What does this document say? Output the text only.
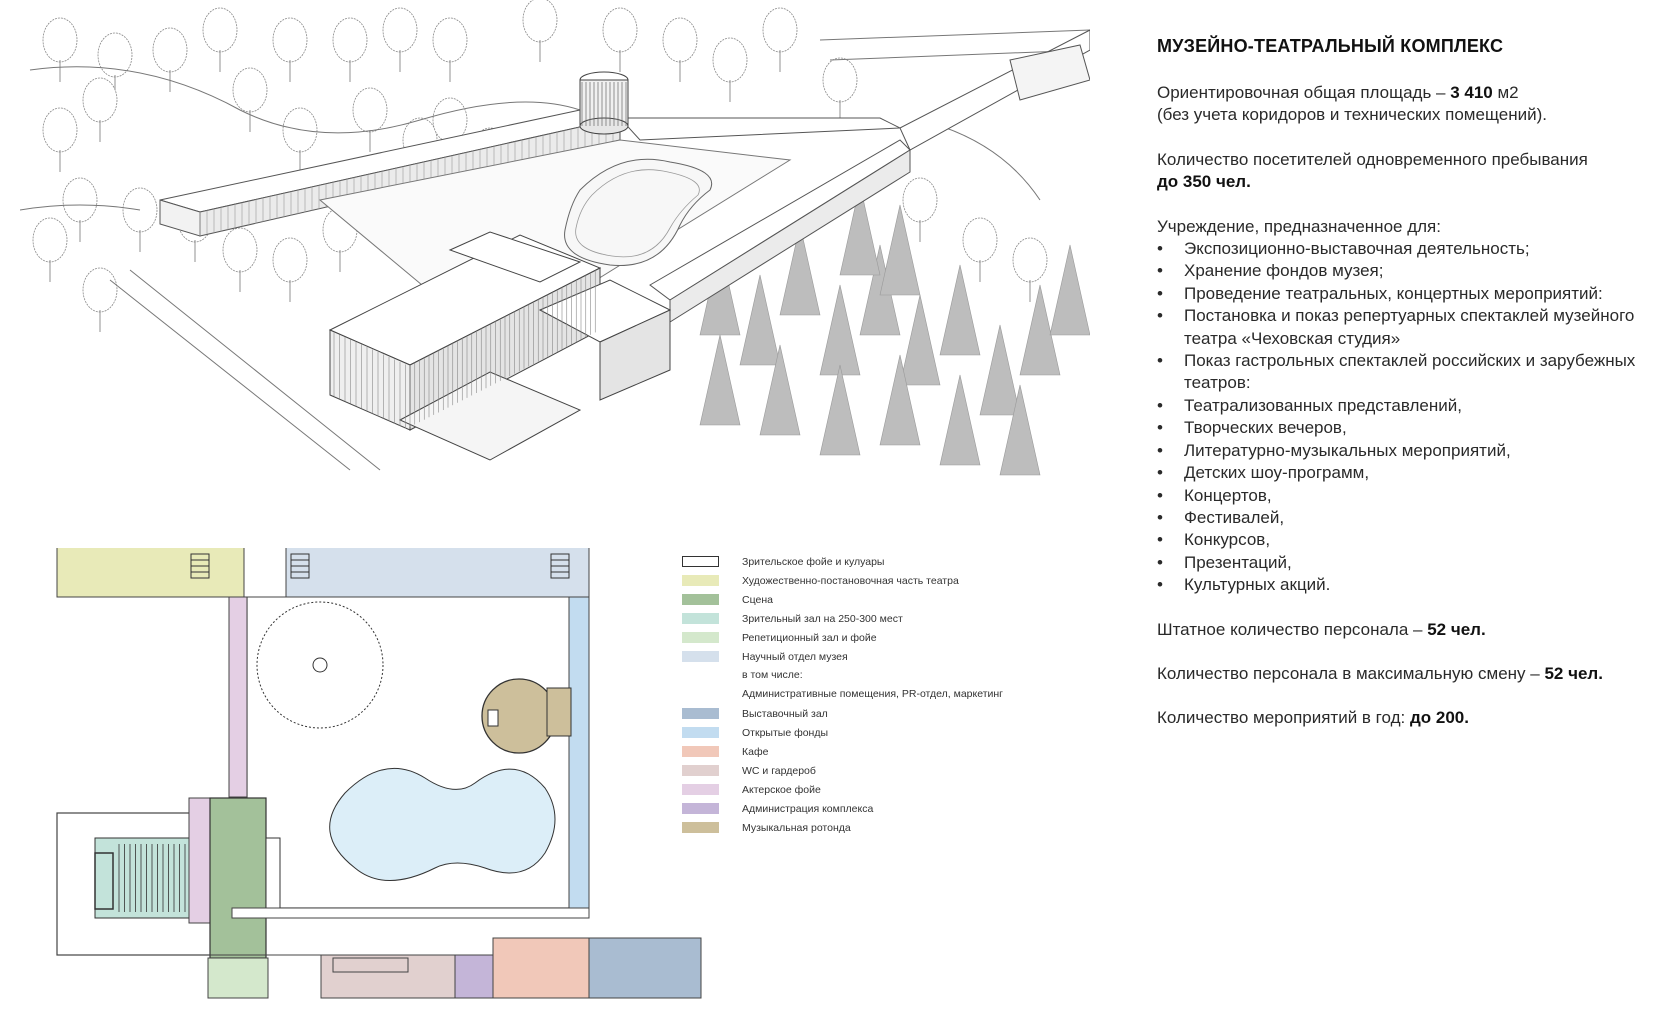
Зрительское фойе и кулуары
Художественно-постановочная часть театра
Сцена
Зрительный зал на 250-300 мест
Репетиционный зал и фойе
Научный отдел музея
в том числе:
Административные помещения, PR-отдел, маркетинг
Выставочный зал
Открытые фонды
Кафе
WC и гардероб
Актерское фойе
Администрация комплекса
Музыкальная ротонда
МУЗЕЙНО-ТЕАТРАЛЬНЫЙ КОМПЛЕКС
Ориентировочная общая площадь – 3 410 м2
(без учета коридоров и технических помещений).
Количество посетителей одновременного пребывания
до 350 чел.
Учреждение, предназначенное для:
• Экспозиционно-выставочная деятельность;
• Хранение фондов музея;
• Проведение театральных, концертных мероприятий:
• Постановка и показ репертуарных спектаклей музейного театра «Чеховская студия»
• Показ гастрольных спектаклей российских и зарубежных театров:
• Театрализованных представлений,
• Творческих вечеров,
• Литературно-музыкальных мероприятий,
• Детских шоу-программ,
• Концертов,
• Фестивалей,
• Конкурсов,
• Презентаций,
• Культурных акций.
Штатное количество персонала – 52 чел.
Количество персонала в максимальную смену – 52 чел.
Количество мероприятий в год: до 200.
